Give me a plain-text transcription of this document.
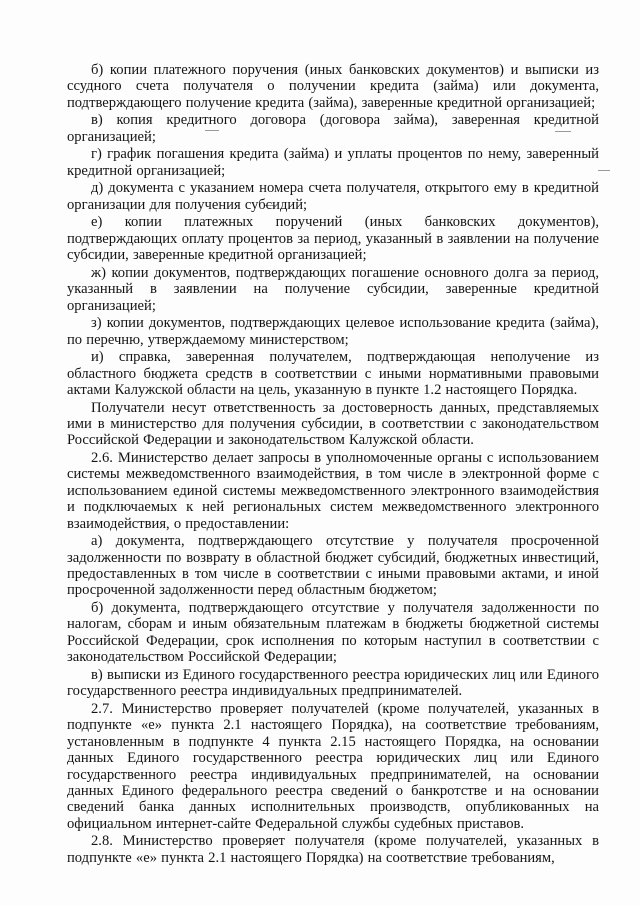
б) копии платежного поручения (иных банковских документов) и выписки из ссудного счета получателя о получении кредита (займа) или документа, подтверждающего получение кредита (займа), заверенные кредитной организацией;

в) копия кредитного договора (договора займа), заверенная кредитной организацией;

г) график погашения кредита (займа) и уплаты процентов по нему, заверенный кредитной организацией;

д) документа с указанием номера счета получателя, открытого ему в кредитной организации для получения субсидий;

е) копии платежных поручений (иных банковских документов), подтверждающих оплату процентов за период, указанный в заявлении на получение субсидии, заверенные кредитной организацией;

ж) копии документов, подтверждающих погашение основного долга за период, указанный в заявлении на получение субсидии, заверенные кредитной организацией;

з) копии документов, подтверждающих целевое использование кредита (займа), по перечню, утверждаемому министерством;

и) справка, заверенная получателем, подтверждающая неполучение из областного бюджета средств в соответствии с иными нормативными правовыми актами Калужской области на цель, указанную в пункте 1.2 настоящего Порядка.

Получатели несут ответственность за достоверность данных, представляемых ими в министерство для получения субсидии, в соответствии с законодательством Российской Федерации и законодательством Калужской области.

2.6. Министерство делает запросы в уполномоченные органы с использованием системы межведомственного взаимодействия, в том числе в электронной форме с использованием единой системы межведомственного электронного взаимодействия и подключаемых к ней региональных систем межведомственного электронного взаимодействия, о предоставлении:

а) документа, подтверждающего отсутствие у получателя просроченной задолженности по возврату в областной бюджет субсидий, бюджетных инвестиций, предоставленных в том числе в соответствии с иными правовыми актами, и иной просроченной задолженности перед областным бюджетом;

б) документа, подтверждающего отсутствие у получателя задолженности по налогам, сборам и иным обязательным платежам в бюджеты бюджетной системы Российской Федерации, срок исполнения по которым наступил в соответствии с законодательством Российской Федерации;

в) выписки из Единого государственного реестра юридических лиц или Единого государственного реестра индивидуальных предпринимателей.

2.7. Министерство проверяет получателей (кроме получателей, указанных в подпункте «е» пункта 2.1 настоящего Порядка), на соответствие требованиям, установленным в подпункте 4 пункта 2.15 настоящего Порядка, на основании данных Единого государственного реестра юридических лиц или Единого государственного реестра индивидуальных предпринимателей, на основании данных Единого федерального реестра сведений о банкротстве и на основании сведений банка данных исполнительных производств, опубликованных на официальном интернет-сайте Федеральной службы судебных приставов.

2.8. Министерство проверяет получателя (кроме получателей, указанных в подпункте «е» пункта 2.1 настоящего Порядка) на соответствие требованиям,
